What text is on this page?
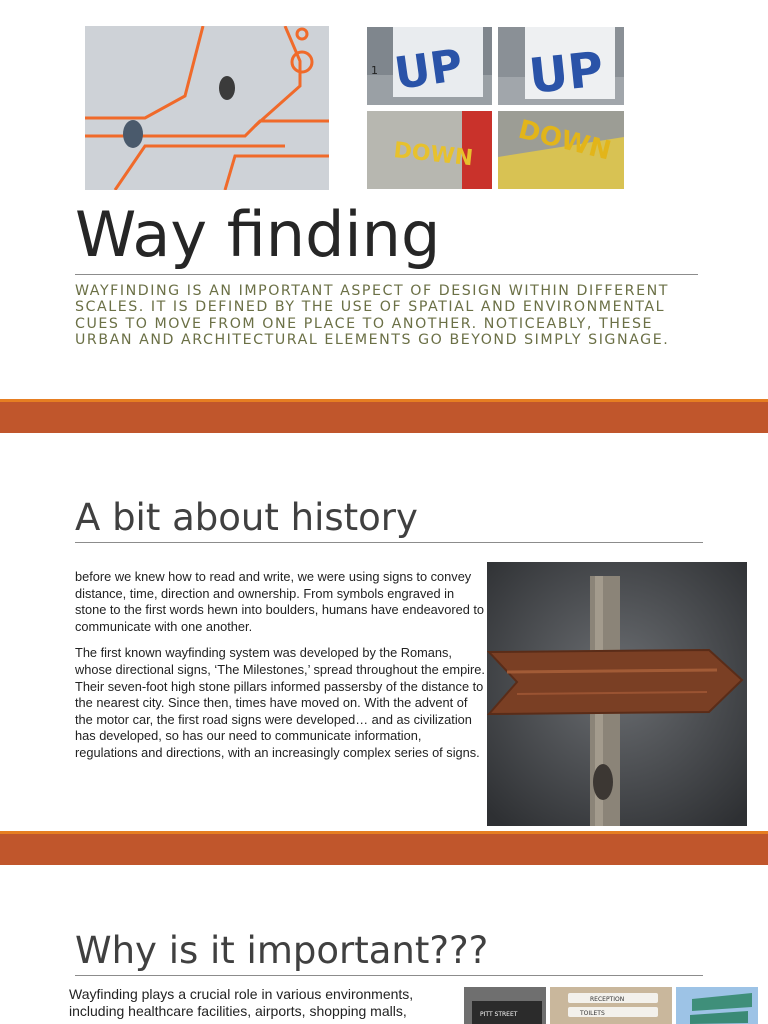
1 UP UP
DOWN DOWN
Way finding
WAYFINDING IS AN IMPORTANT ASPECT OF DESIGN WITHIN DIFFERENT SCALES. IT IS DEFINED BY THE USE OF SPATIAL AND ENVIRONMENTAL CUES TO MOVE FROM ONE PLACE TO ANOTHER. NOTICEABLY, THESE URBAN AND ARCHITECTURAL ELEMENTS GO BEYOND SIMPLY SIGNAGE.
A bit about history

before we knew how to read and write, we were using signs to convey distance, time, direction and ownership. From symbols engraved in stone to the first words hewn into boulders, humans have endeavored to communicate with one another.

The first known wayfinding system was developed by the Romans, whose directional signs, ‘The Milestones,’ spread throughout the empire. Their seven-foot high stone pillars informed passersby of the distance to the nearest city. Since then, times have moved on. With the advent of the motor car, the first road signs were developed… and as civilization has developed, so has our need to communicate information, regulations and directions, with an increasingly complex series of signs.

Why is it important???
Wayfinding plays a crucial role in various environments, including healthcare facilities, airports, shopping malls,	PITT STREET
RECEPTION
TOILETS
